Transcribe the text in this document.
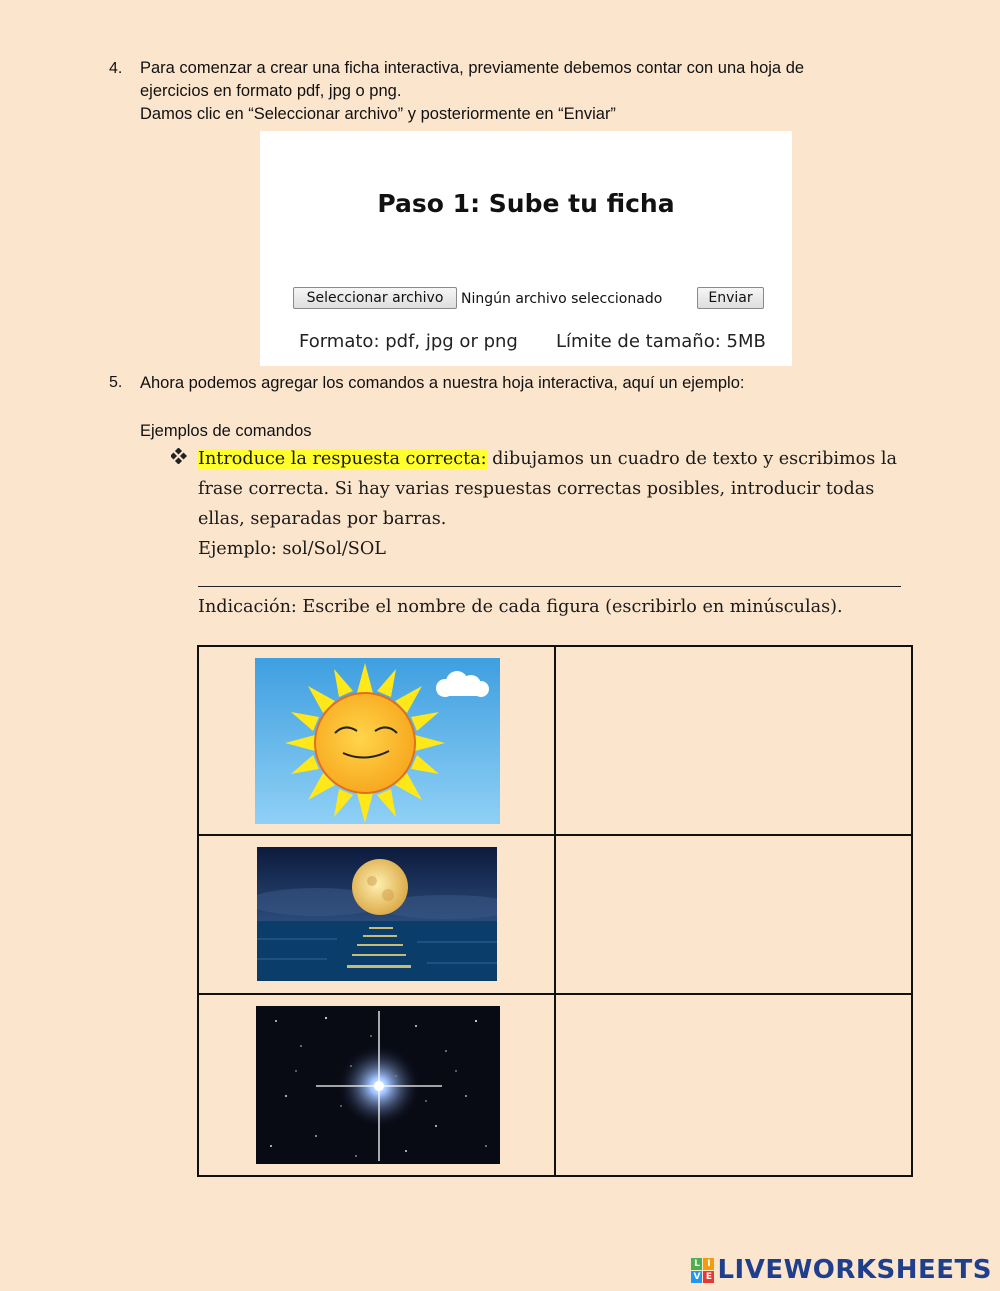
4. Para comenzar a crear una ficha interactiva, previamente debemos contar con una hoja de
ejercicios en formato pdf, jpg o png.
Damos clic en “Seleccionar archivo” y posteriormente en “Enviar”
Paso 1: Sube tu ficha
Seleccionar archivo	Ningún archivo seleccionado	Enviar
Formato: pdf, jpg or png Límite de tamaño: 5MB
5. Ahora podemos agregar los comandos a nuestra hoja interactiva, aquí un ejemplo:
Ejemplos de comandos
Introduce la respuesta correcta: dibujamos un cuadro de texto y escribimos la frase correcta. Si hay varias respuestas correctas posibles, introducir todas ellas, separadas por barras.
Ejemplo: sol/Sol/SOL
Indicación: Escribe el nombre de cada figura (escribirlo en minúsculas).

L I
V E LIVEWORKSHEETS
